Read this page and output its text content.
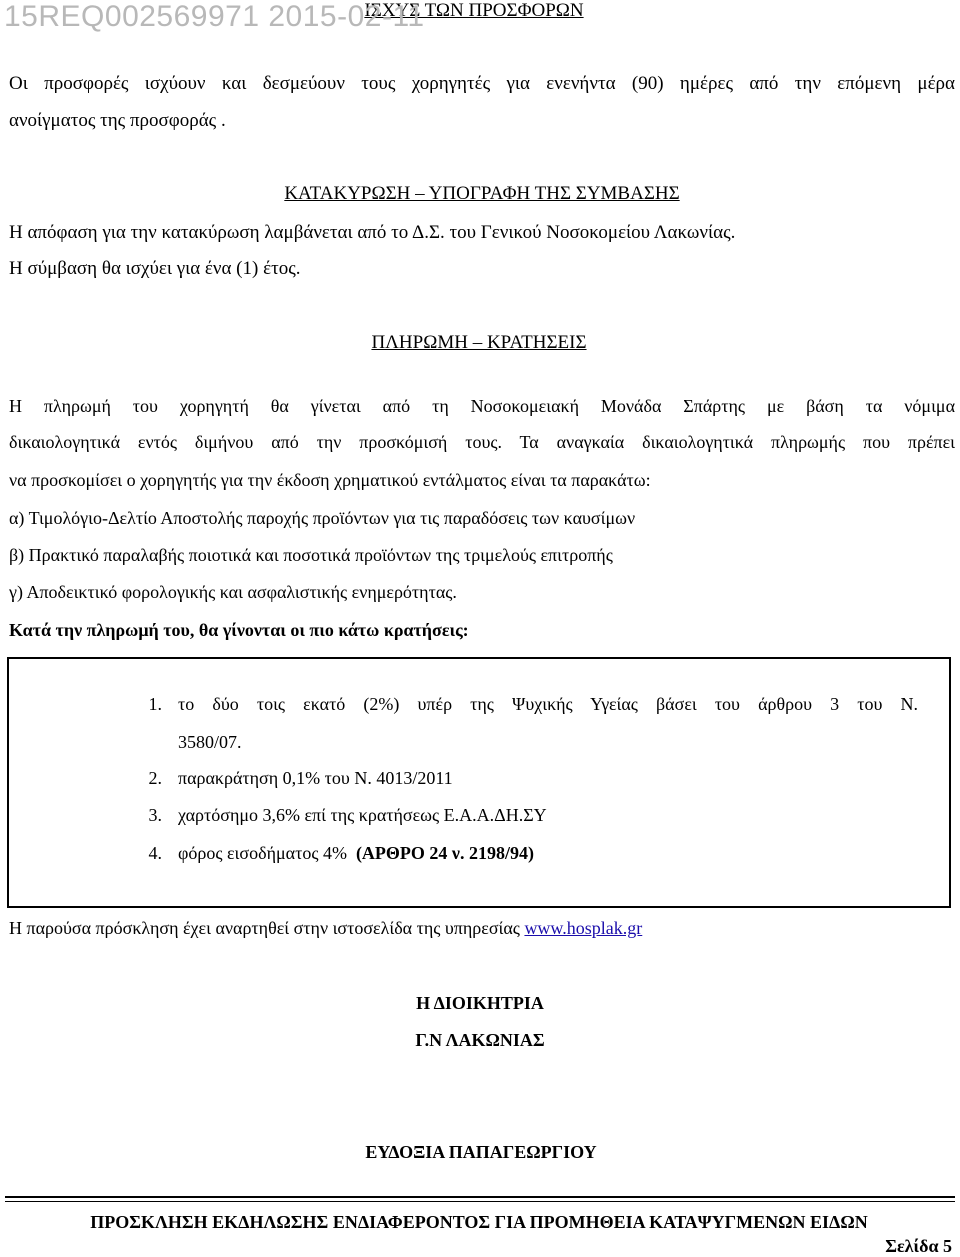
ΙΣΧΥΣ ΤΩΝ ΠΡΟΣΦΟΡΩΝ
15REQ002569971 2015-02-11
Οι προσφορές ισχύουν και δεσμεύουν τους χορηγητές για ενενήντα (90) ημέρες από την επόμενη μέρα
ανοίγματος της προσφοράς .
ΚΑΤΑΚΥΡΩΣΗ – ΥΠΟΓΡΑΦΗ ΤΗΣ ΣΥΜΒΑΣΗΣ
Η απόφαση για την κατακύρωση λαμβάνεται από το Δ.Σ. του Γενικού Νοσοκομείου Λακωνίας.
Η σύμβαση θα ισχύει για ένα (1) έτος.
ΠΛΗΡΩΜΗ – ΚΡΑΤΗΣΕΙΣ
Η πληρωμή του χορηγητή θα γίνεται από τη Νοσοκομειακή Μονάδα Σπάρτης με βάση τα νόμιμα
δικαιολογητικά εντός διμήνου από την προσκόμισή τους. Τα αναγκαία δικαιολογητικά πληρωμής που πρέπει
να προσκομίσει ο χορηγητής για την έκδοση χρηματικού εντάλματος είναι τα παρακάτω:
α) Τιμολόγιο-Δελτίο Αποστολής παροχής προϊόντων για τις παραδόσεις των καυσίμων
β) Πρακτικό παραλαβής ποιοτικά και ποσοτικά προϊόντων της τριμελούς επιτροπής
γ) Αποδεικτικό φορολογικής και ασφαλιστικής ενημερότητας.
Κατά την πληρωμή του, θα γίνονται οι πιο κάτω κρατήσεις:
1. το δύο τοις εκατό (2%) υπέρ της Ψυχικής Υγείας βάσει του άρθρου 3 του Ν.
3580/07.
2. παρακράτηση 0,1% του Ν. 4013/2011
3. χαρτόσημο 3,6% επί της κρατήσεως Ε.Α.Α.ΔΗ.ΣΥ
4. φόρος εισοδήματος 4%  (ΑΡΘΡΟ 24 ν. 2198/94)
Η παρούσα πρόσκληση έχει αναρτηθεί στην ιστοσελίδα της υπηρεσίας www.hosplak.gr
Η ΔΙΟΙΚΗΤΡΙΑ
Γ.Ν ΛΑΚΩΝΙΑΣ
ΕΥΔΟΞΙΑ ΠΑΠΑΓΕΩΡΓΙΟΥ
ΠΡΟΣΚΛΗΣΗ ΕΚΔΗΛΩΣΗΣ ΕΝΔΙΑΦΕΡΟΝΤΟΣ ΓΙΑ ΠΡΟΜΗΘΕΙΑ ΚΑΤΑΨΥΓΜΕΝΩΝ ΕΙΔΩΝ
Σελίδα 5
